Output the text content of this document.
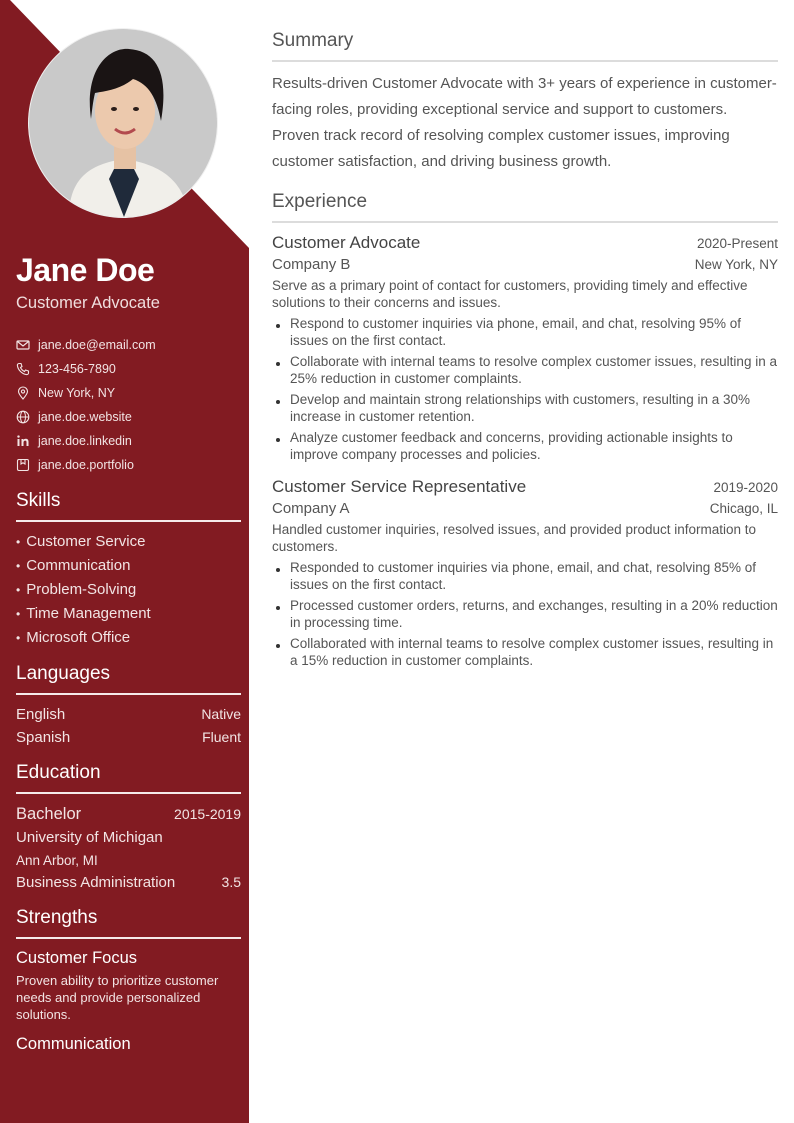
Jane Doe
Customer Advocate
jane.doe@email.com
123-456-7890
New York, NY
jane.doe.website
jane.doe.linkedin
jane.doe.portfolio
Skills
• Customer Service
• Communication
• Problem-Solving
• Time Management
• Microsoft Office
Languages
English	Native
Spanish	Fluent
Education
Bachelor	2015-2019
University of Michigan
Ann Arbor, MI
Business Administration	3.5
Strengths
Customer Focus
Proven ability to prioritize customer needs and provide personalized solutions.
Communication
Summary
Results-driven Customer Advocate with 3+ years of experience in customer-facing roles, providing exceptional service and support to customers. Proven track record of resolving complex customer issues, improving customer satisfaction, and driving business growth.
Experience
Customer Advocate	2020-Present
Company B	New York, NY
Serve as a primary point of contact for customers, providing timely and effective solutions to their concerns and issues.
Respond to customer inquiries via phone, email, and chat, resolving 95% of issues on the first contact.
Collaborate with internal teams to resolve complex customer issues, resulting in a 25% reduction in customer complaints.
Develop and maintain strong relationships with customers, resulting in a 30% increase in customer retention.
Analyze customer feedback and concerns, providing actionable insights to improve company processes and policies.
Customer Service Representative	2019-2020
Company A	Chicago, IL
Handled customer inquiries, resolved issues, and provided product information to customers.
Responded to customer inquiries via phone, email, and chat, resolving 85% of issues on the first contact.
Processed customer orders, returns, and exchanges, resulting in a 20% reduction in processing time.
Collaborated with internal teams to resolve complex customer issues, resulting in a 15% reduction in customer complaints.
